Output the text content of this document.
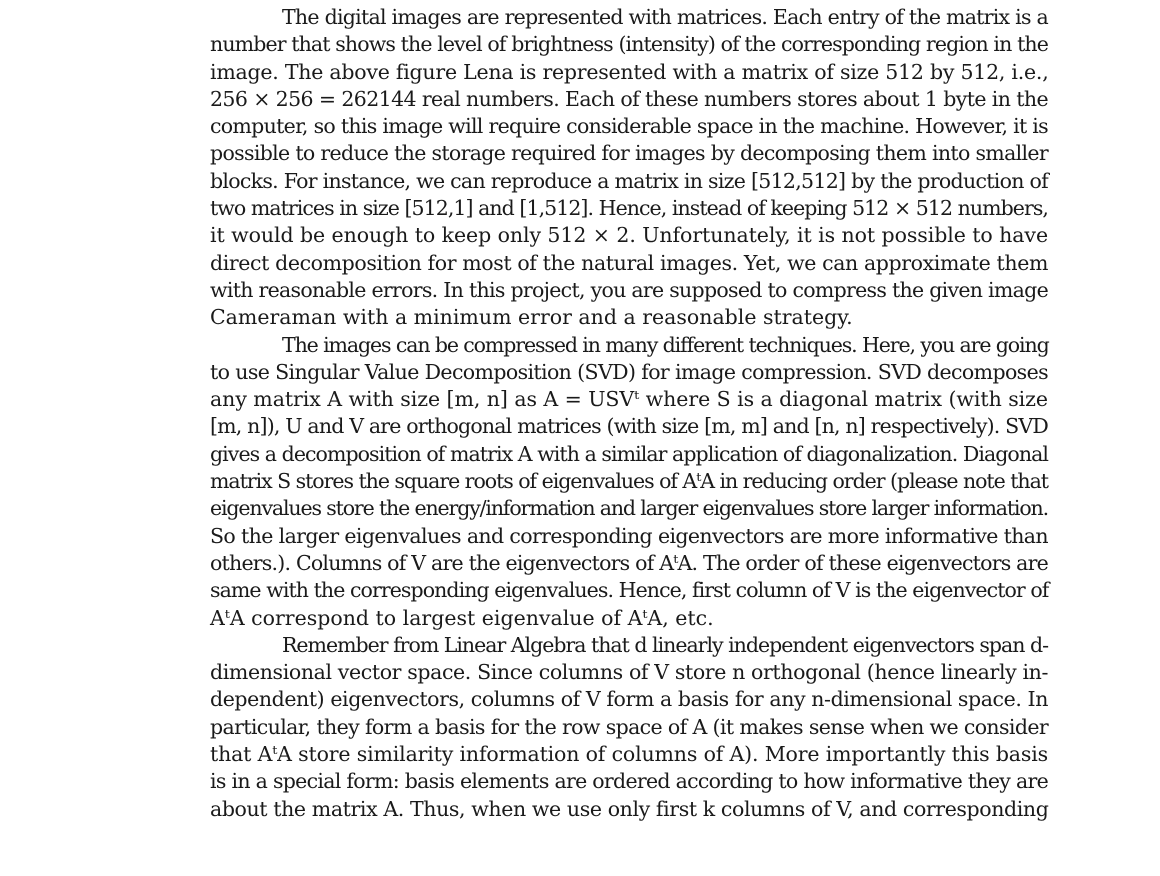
The digital images are represented with matrices. Each entry of the matrix is a
number that shows the level of brightness (intensity) of the corresponding region in the
image. The above figure Lena is represented with a matrix of size 512 by 512, i.e.,
256 × 256 = 262144 real numbers. Each of these numbers stores about 1 byte in the
computer, so this image will require considerable space in the machine. However, it is
possible to reduce the storage required for images by decomposing them into smaller
blocks. For instance, we can reproduce a matrix in size [512,512] by the production of
two matrices in size [512,1] and [1,512]. Hence, instead of keeping 512 × 512 numbers,
it would be enough to keep only 512 × 2. Unfortunately, it is not possible to have
direct decomposition for most of the natural images. Yet, we can approximate them
with reasonable errors. In this project, you are supposed to compress the given image
Cameraman with a minimum error and a reasonable strategy.
The images can be compressed in many different techniques. Here, you are going
to use Singular Value Decomposition (SVD) for image compression. SVD decomposes
any matrix A with size [m, n] as A = USVᵗ where S is a diagonal matrix (with size
[m, n]), U and V are orthogonal matrices (with size [m, m] and [n, n] respectively). SVD
gives a decomposition of matrix A with a similar application of diagonalization. Diagonal
matrix S stores the square roots of eigenvalues of AᵗA in reducing order (please note that
eigenvalues store the energy/information and larger eigenvalues store larger information.
So the larger eigenvalues and corresponding eigenvectors are more informative than
others.). Columns of V are the eigenvectors of AᵗA. The order of these eigenvectors are
same with the corresponding eigenvalues. Hence, first column of V is the eigenvector of
AᵗA correspond to largest eigenvalue of AᵗA, etc.
Remember from Linear Algebra that d linearly independent eigenvectors span d-
dimensional vector space. Since columns of V store n orthogonal (hence linearly in-
dependent) eigenvectors, columns of V form a basis for any n-dimensional space. In
particular, they form a basis for the row space of A (it makes sense when we consider
that AᵗA store similarity information of columns of A). More importantly this basis
is in a special form: basis elements are ordered according to how informative they are
about the matrix A. Thus, when we use only first k columns of V, and corresponding
